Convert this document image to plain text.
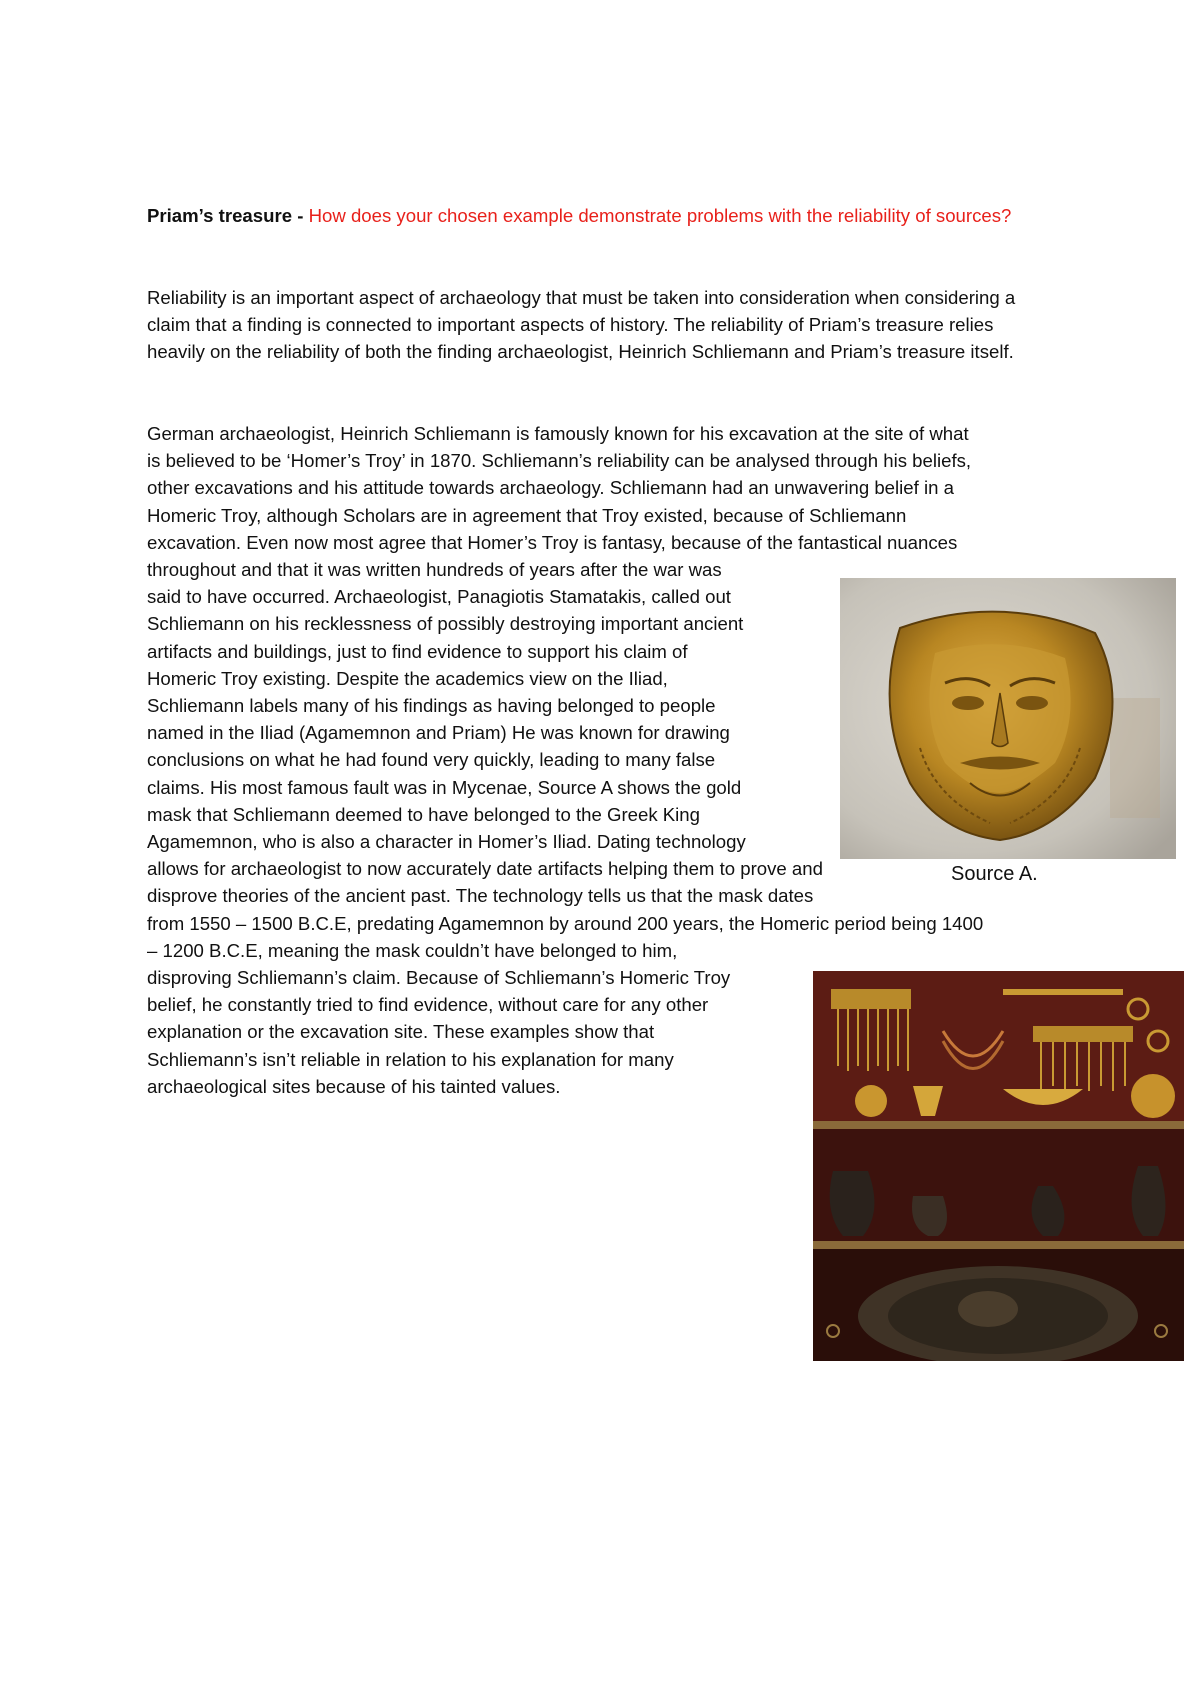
Priam’s treasure - How does your chosen example demonstrate problems with the reliability of sources?
Reliability is an important aspect of archaeology that must be taken into consideration when considering a claim that a finding is connected to important aspects of history. The reliability of Priam’s treasure relies heavily on the reliability of both the finding archaeologist, Heinrich Schliemann and Priam’s treasure itself.
German archaeologist, Heinrich Schliemann is famously known for his excavation at the site of what
is believed to be ‘Homer’s Troy’ in 1870. Schliemann’s reliability can be analysed through his beliefs,
other excavations and his attitude towards archaeology. Schliemann had an unwavering belief in a
Homeric Troy, although Scholars are in agreement that Troy existed, because of Schliemann
excavation. Even now most agree that Homer’s Troy is fantasy, because of the fantastical nuances
throughout and that it was written hundreds of years after the war was
said to have occurred. Archaeologist, Panagiotis Stamatakis, called out
Schliemann on his recklessness of possibly destroying important ancient
artifacts and buildings, just to find evidence to support his claim of
Homeric Troy existing. Despite the academics view on the Iliad,
Schliemann labels many of his findings as having belonged to people
named in the Iliad (Agamemnon and Priam) He was known for drawing
conclusions on what he had found very quickly, leading to many false
claims. His most famous fault was in Mycenae, Source A shows the gold
mask that Schliemann deemed to have belonged to the Greek King
Agamemnon, who is also a character in Homer’s Iliad. Dating technology
allows for archaeologist to now accurately date artifacts helping them to prove and
disprove theories of the ancient past. The technology tells us that the mask dates
from 1550 – 1500 B.C.E, predating Agamemnon by around 200 years, the Homeric period being 1400
– 1200 B.C.E, meaning the mask couldn’t have belonged to him,
disproving Schliemann’s claim. Because of Schliemann’s Homeric Troy
belief, he constantly tried to find evidence, without care for any other
explanation or the excavation site. These examples show that
Schliemann’s isn’t reliable in relation to his explanation for many
archaeological sites because of his tainted values.
Source A.
